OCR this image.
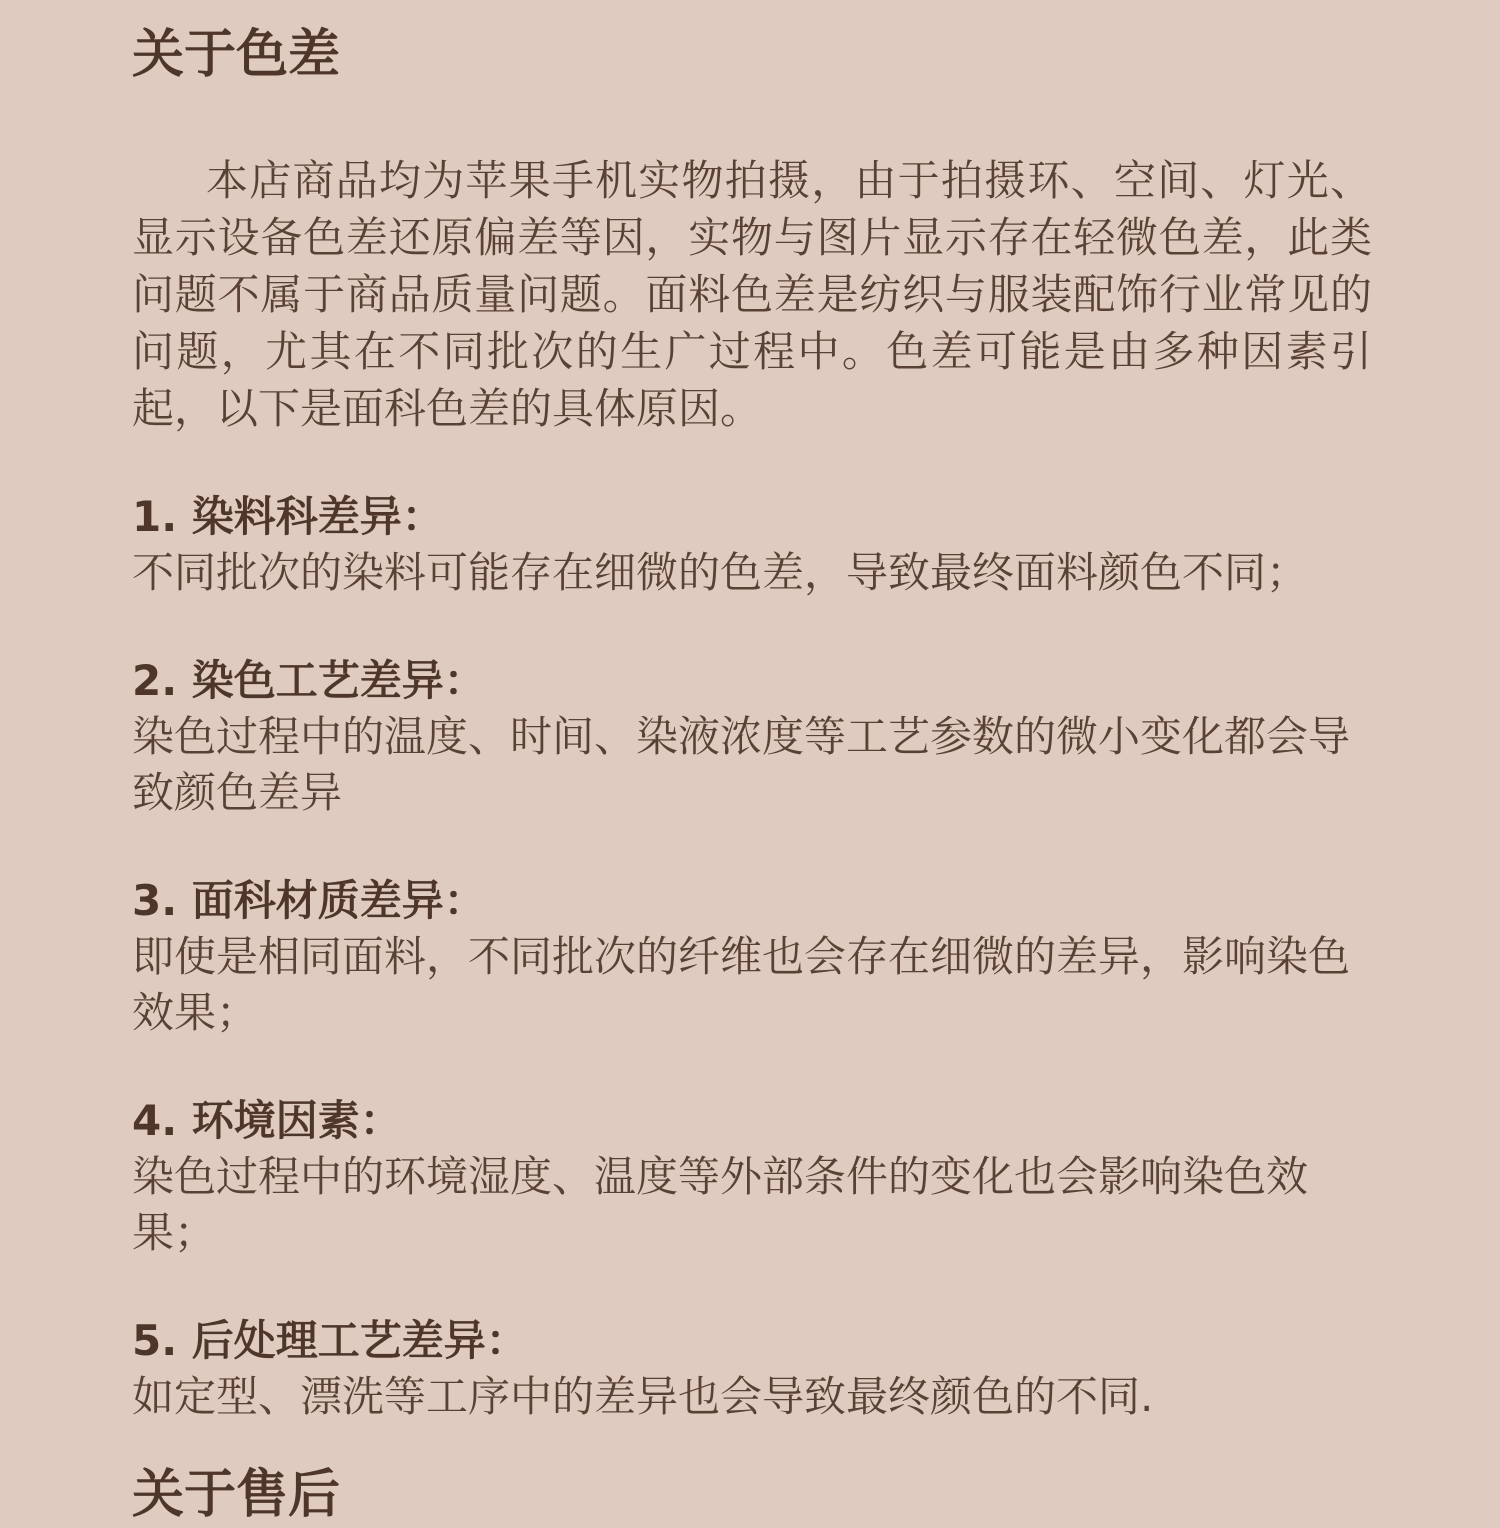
关于色差

本店商品均为苹果手机实物拍摄，由于拍摄环、空间、灯光、显示设备色差还原偏差等因，实物与图片显示存在轻微色差，此类问题不属于商品质量问题。面料色差是纺织与服装配饰行业常见的问题，尤其在不同批次的生广过程中。色差可能是由多种因素引起，以下是面科色差的具体原因。

1. 染料科差异：
不同批次的染料可能存在细微的色差，导致最终面料颜色不同；
2. 染色工艺差异：
染色过程中的温度、时间、染液浓度等工艺参数的微小变化都会导致颜色差异
3. 面科材质差异：
即使是相同面料，不同批次的纤维也会存在细微的差异，影响染色效果；
4. 环境因素：
染色过程中的环境湿度、温度等外部条件的变化也会影响染色效果；
5. 后处理工艺差异：
如定型、漂洗等工序中的差异也会导致最终颜色的不同.
关于售后
